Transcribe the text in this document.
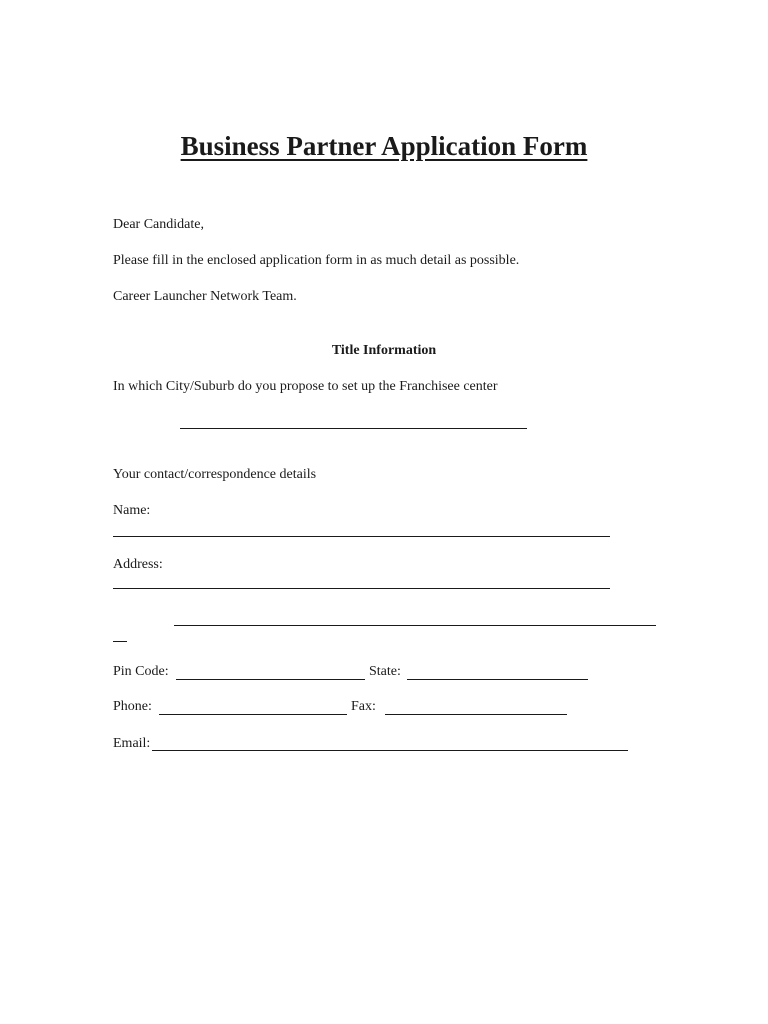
Business Partner Application Form
Dear Candidate,
Please fill in the enclosed application form in as much detail as possible.
Career Launcher Network Team.
Title Information
In which City/Suburb do you propose to set up the Franchisee center
Your contact/correspondence details
Name:
Address:
Pin Code:	State:
Phone:	Fax:
Email:
